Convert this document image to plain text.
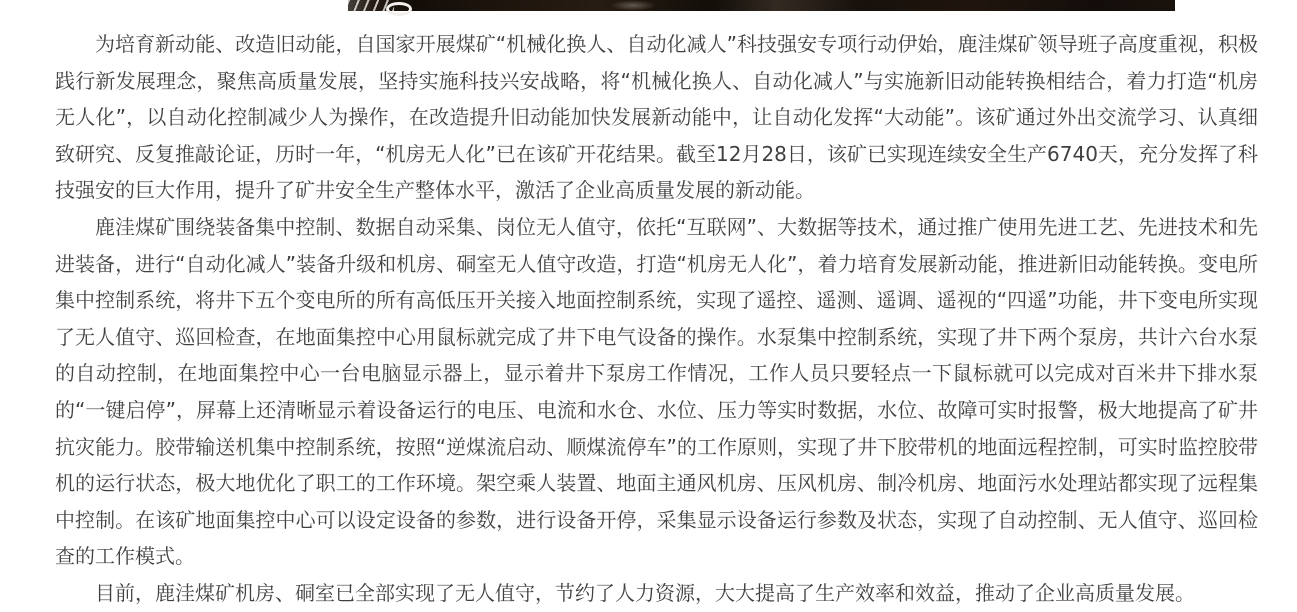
为培育新动能、改造旧动能，自国家开展煤矿“机械化换人、自动化减人”科技强安专项行动伊始，鹿洼煤矿领导班子高度重视，积极践行新发展理念，聚焦高质量发展，坚持实施科技兴安战略，将“机械化换人、自动化减人”与实施新旧动能转换相结合，着力打造“机房无人化”，以自动化控制减少人为操作，在改造提升旧动能加快发展新动能中，让自动化发挥“大动能”。该矿通过外出交流学习、认真细致研究、反复推敲论证，历时一年，“机房无人化”已在该矿开花结果。截至12月28日，该矿已实现连续安全生产6740天，充分发挥了科技强安的巨大作用，提升了矿井安全生产整体水平，激活了企业高质量发展的新动能。

鹿洼煤矿围绕装备集中控制、数据自动采集、岗位无人值守，依托“互联网”、大数据等技术，通过推广使用先进工艺、先进技术和先进装备，进行“自动化减人”装备升级和机房、硐室无人值守改造，打造“机房无人化”，着力培育发展新动能，推进新旧动能转换。变电所集中控制系统，将井下五个变电所的所有高低压开关接入地面控制系统，实现了遥控、遥测、遥调、遥视的“四遥”功能，井下变电所实现了无人值守、巡回检查，在地面集控中心用鼠标就完成了井下电气设备的操作。水泵集中控制系统，实现了井下两个泵房，共计六台水泵的自动控制，在地面集控中心一台电脑显示器上，显示着井下泵房工作情况，工作人员只要轻点一下鼠标就可以完成对百米井下排水泵的“一键启停”，屏幕上还清晰显示着设备运行的电压、电流和水仓、水位、压力等实时数据，水位、故障可实时报警，极大地提高了矿井抗灾能力。胶带输送机集中控制系统，按照“逆煤流启动、顺煤流停车”的工作原则，实现了井下胶带机的地面远程控制，可实时监控胶带机的运行状态，极大地优化了职工的工作环境。架空乘人装置、地面主通风机房、压风机房、制冷机房、地面污水处理站都实现了远程集中控制。在该矿地面集控中心可以设定设备的参数，进行设备开停，采集显示设备运行参数及状态，实现了自动控制、无人值守、巡回检查的工作模式。

目前，鹿洼煤矿机房、硐室已全部实现了无人值守，节约了人力资源，大大提高了生产效率和效益，推动了企业高质量发展。
